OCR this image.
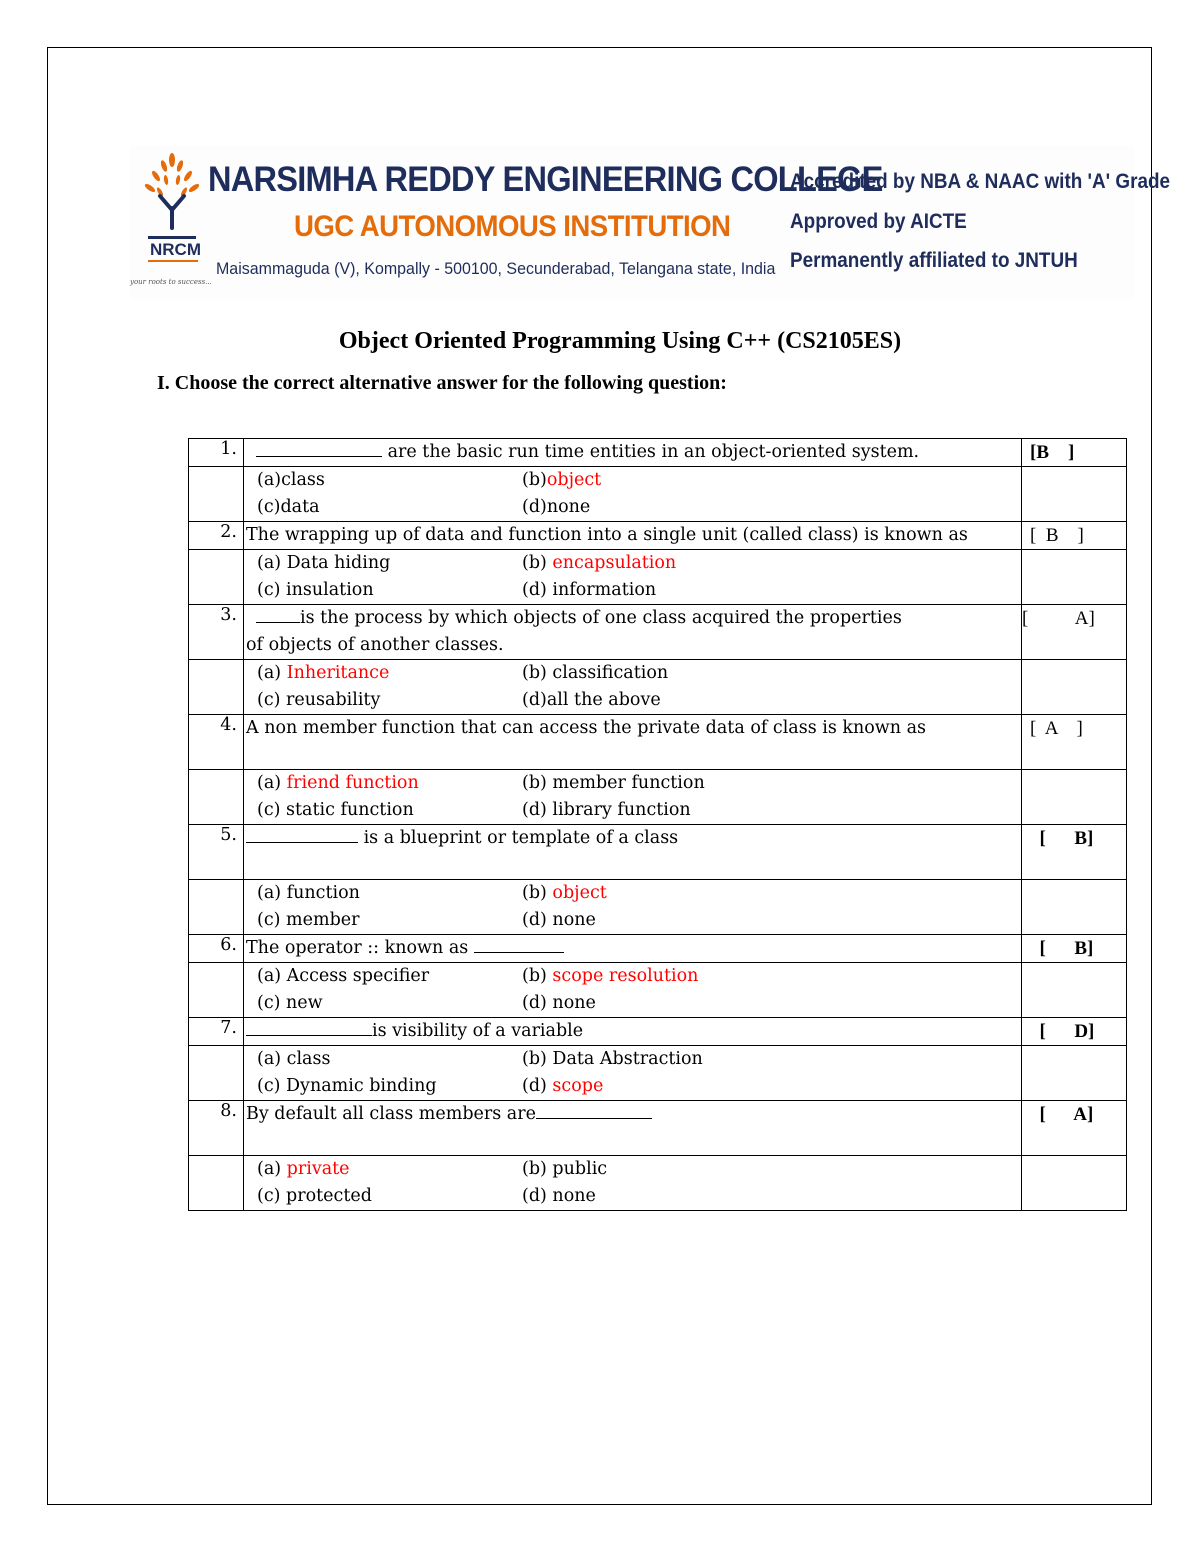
NRCM
your roots to success...
NARSIMHA REDDY ENGINEERING COLLEGE
UGC AUTONOMOUS INSTITUTION
Maisammaguda (V), Kompally - 500100, Secunderabad, Telangana state, India
Accredited by NBA & NAAC with 'A' Grade
Approved by AICTE
Permanently affiliated to JNTUH
Object Oriented Programming Using C++ (CS2105ES)
I. Choose the correct alternative answer for the following question:
1.	are the basic run time entities in an object-oriented system.	[B    ]

	(a)class (b)object
(c)data (d)none	

2.	The wrapping up of data and function into a single unit (called class) is known as	[  B    ]

	(a) Data hiding (b) encapsulation
(c) insulation (d) information	

3.	is the process by which objects of one class acquired the properties
of objects of another classes.	[          A]

	(a) Inheritance (b) classification
(c) reusability (d)all the above	

4.	A non member function that can access the private data of class is known as	[  A    ]

	(a) friend function (b) member function
(c) static function (d) library function	

5.	is a blueprint or template of a class	[      B]

	(a) function (b) object
(c) member (d) none	

6.	The operator :: known as	[      B]

	(a) Access specifier (b) scope resolution
(c) new (d) none	

7.	is visibility of a variable	[      D]

	(a) class (b) Data Abstraction
(c) Dynamic binding (d) scope	

8.	By default all class members are	[      A]

	(a) private (b) public
(c) protected (d) none	
